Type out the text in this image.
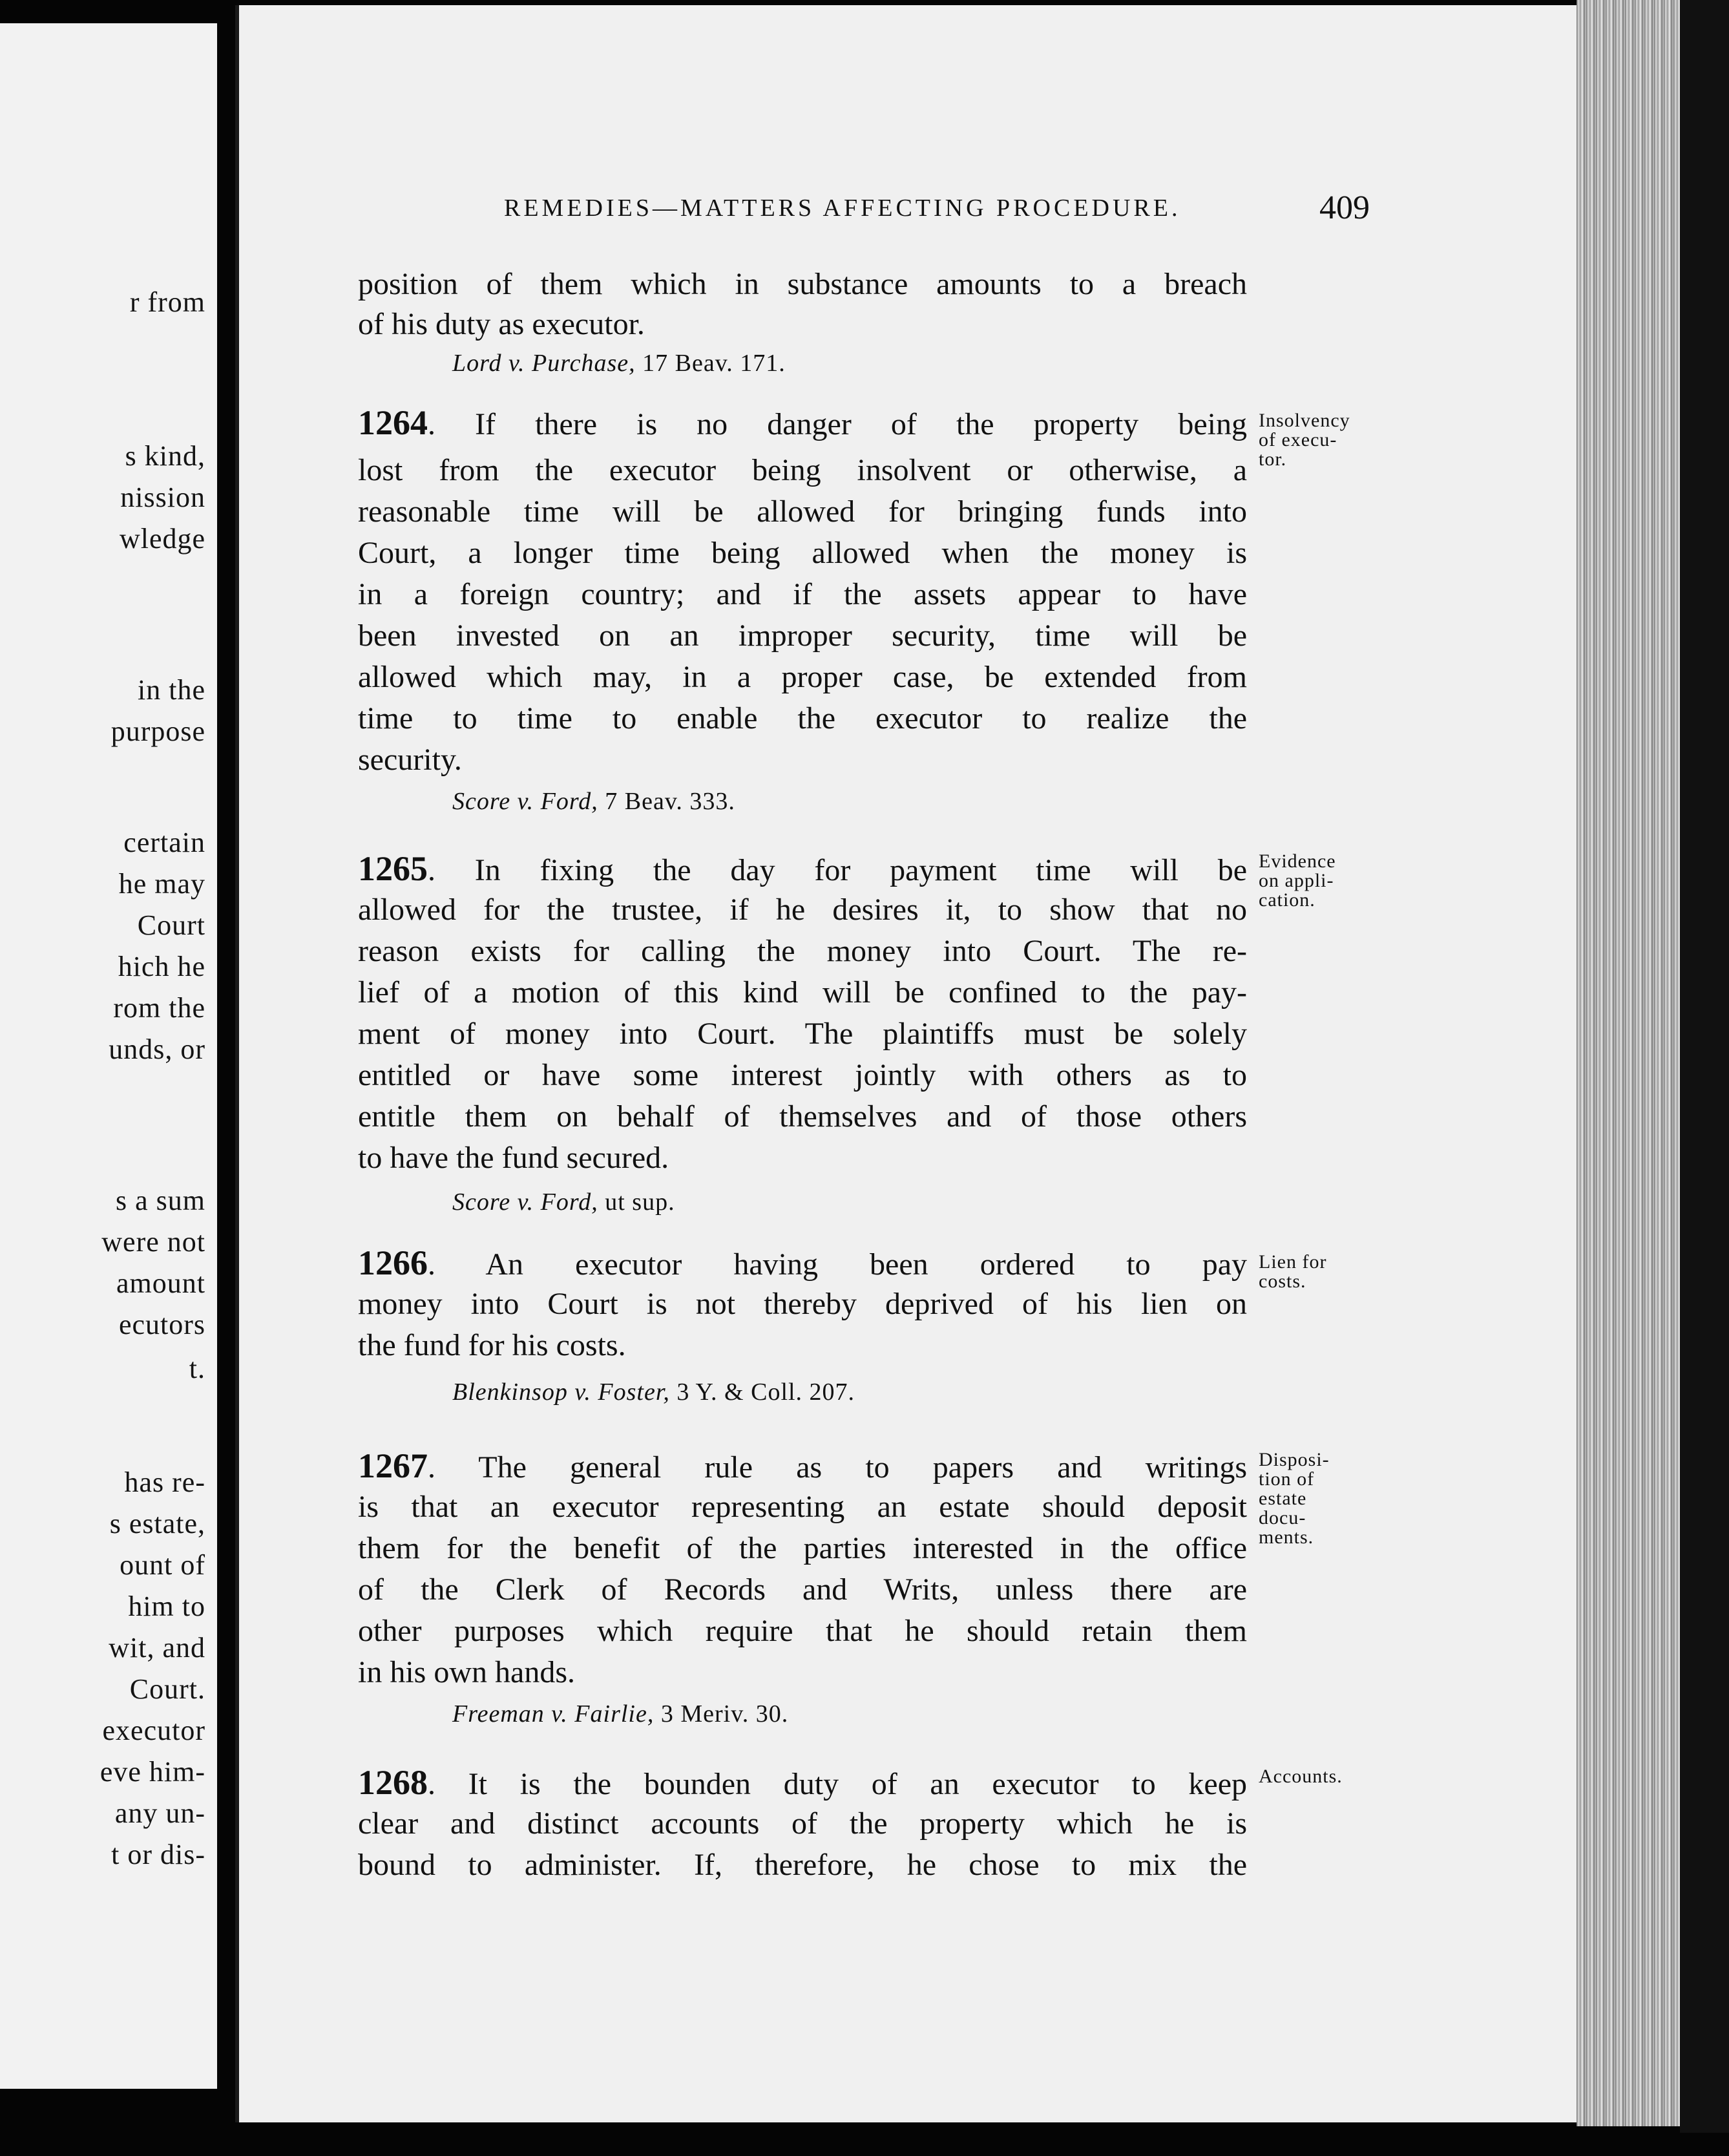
r from
s kind,
nission
wledge
in the
purpose
certain
he may
Court
hich he
rom the
unds, or
s a sum
were not
amount
ecutors
t.
has re-
s estate,
ount of
him to
wit, and
Court.
executor
eve him-
any un-
t or dis-
REMEDIES—MATTERS AFFECTING PROCEDURE.	409
position of them which in substance amounts to a breach
of his duty as executor.
Lord v. Purchase, 17 Beav. 171.
1264. If there is no danger of the property being
lost from the executor being insolvent or otherwise, a
reasonable time will be allowed for bringing funds into
Court, a longer time being allowed when the money is
in a foreign country; and if the assets appear to have
been invested on an improper security, time will be
allowed which may, in a proper case, be extended from
time to time to enable the executor to realize the
security.
Score v. Ford, 7 Beav. 333.
Insolvency
of execu-
tor.
1265. In fixing the day for payment time will be
allowed for the trustee, if he desires it, to show that no
reason exists for calling the money into Court. The re-
lief of a motion of this kind will be confined to the pay-
ment of money into Court. The plaintiffs must be solely
entitled or have some interest jointly with others as to
entitle them on behalf of themselves and of those others
to have the fund secured.
Score v. Ford, ut sup.
Evidence
on appli-
cation.
1266. An executor having been ordered to pay
money into Court is not thereby deprived of his lien on
the fund for his costs.
Blenkinsop v. Foster, 3 Y. & Coll. 207.
Lien for
costs.
1267. The general rule as to papers and writings
is that an executor representing an estate should deposit
them for the benefit of the parties interested in the office
of the Clerk of Records and Writs, unless there are
other purposes which require that he should retain them
in his own hands.
Freeman v. Fairlie, 3 Meriv. 30.
Disposi-
tion of
estate
docu-
ments.
1268. It is the bounden duty of an executor to keep
clear and distinct accounts of the property which he is
bound to administer. If, therefore, he chose to mix the
Accounts.
